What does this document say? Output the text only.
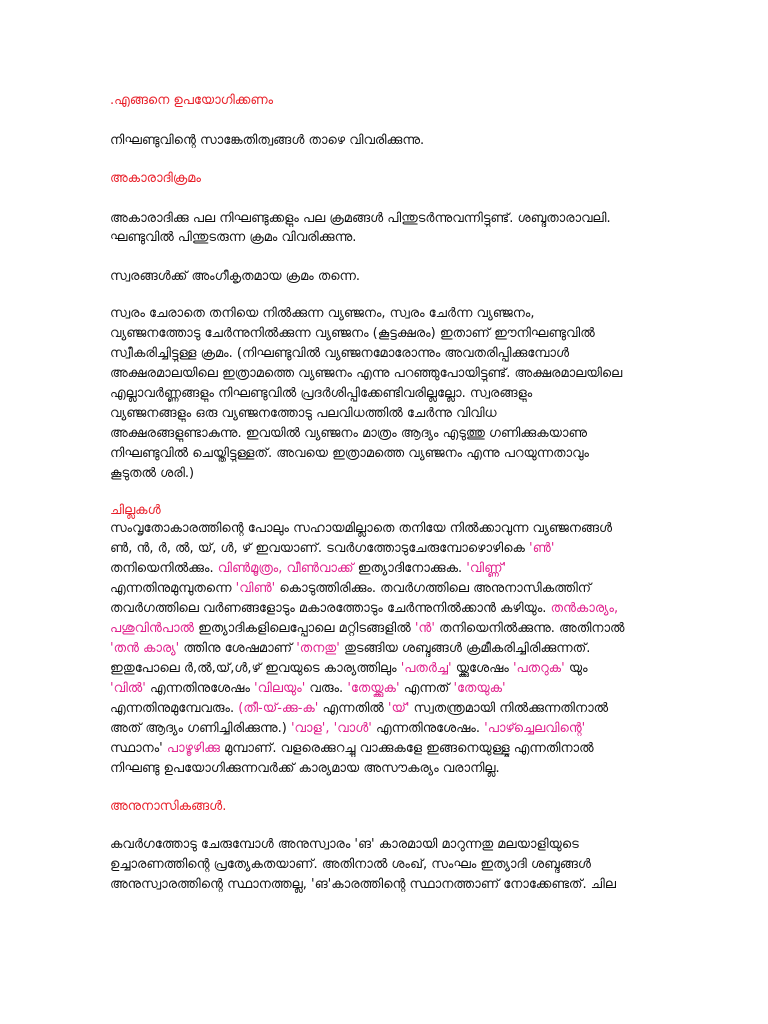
.എങ്ങനെ ഉപയോഗിക്കണം
നിഘണ്ടുവിന്റെ സാങ്കേതിത്വങ്ങൾ താഴെ വിവരിക്കുന്നു.
അകാരാദിക്രമം
അകാരാദിക്കു പല നിഘണ്ടുക്കളും പല ക്രമങ്ങൾ പിന്തുടർന്നുവന്നിട്ടുണ്ട്. ശബ്ദതാരാവലി.
ഘണ്ടുവിൽ പിന്തുടരുന്ന ക്രമം വിവരിക്കുന്നു.
സ്വരങ്ങൾക്ക് അംഗീകൃതമായ ക്രമം തന്നെ.
സ്വരം ചേരാതെ തനിയെ നിൽക്കുന്ന വ്യഞ്ജനം, സ്വരം ചേർന്ന വ്യഞ്ജനം,
വ്യഞ്ജനത്തോടു ചേർന്നുനിൽക്കുന്ന വ്യഞ്ജനം (കൂട്ടക്ഷരം) ഇതാണ് ഈനിഘണ്ടുവിൽ
സ്വീകരിച്ചിട്ടുള്ള ക്രമം. (നിഘണ്ടുവിൽ വ്യഞ്ജനമോരോന്നും അവതരിപ്പിക്കുമ്പോൾ
അക്ഷരമാലയിലെ ഇത്രാമത്തെ വ്യഞ്ജനം എന്നു പറഞ്ഞുപോയിട്ടുണ്ട്. അക്ഷരമാലയിലെ
എല്ലാവർണ്ണങ്ങളും നിഘണ്ടുവിൽ പ്രദർശിപ്പിക്കേണ്ടിവരില്ലല്ലോ. സ്വരങ്ങളും
വ്യഞ്ജനങ്ങളും ഒരു വ്യഞ്ജനത്തോടു പലവിധത്തിൽ ചേർന്നു വിവിധ
അക്ഷരങ്ങളുണ്ടാകുന്നു. ഇവയിൽ വ്യഞ്ജനം മാത്രം ആദ്യം എടുത്തു ഗണിക്കുകയാണു
നിഘണ്ടുവിൽ ചെയ്തിട്ടുള്ളത്. അവയെ ഇത്രാമത്തെ വ്യഞ്ജനം എന്നു പറയുന്നതാവും
കൂടുതൽ ശരി.)
ചില്ലുകൾ
സംവൃതോകാരത്തിന്റെ പോലും സഹായമില്ലാതെ തനിയേ നിൽക്കാവുന്ന വ്യഞ്ജനങ്ങൾ
ൺ, ൻ, ർ, ൽ, യ്, ൾ, ഴ് ഇവയാണ്. ടവർഗത്തോടുചേരുമ്പോഴൊഴികെ 'ൺ'
തനിയെനിൽക്കും. വിൺമൂത്രം, വീൺവാക്ക് ഇത്യാദിനോക്കുക. 'വിണ്ണ്'
എന്നതിനുമുമ്പുതന്നെ 'വിൺ' കൊടുത്തിരിക്കും. തവർഗത്തിലെ അനുനാസികത്തിന്
തവർഗത്തിലെ വർണങ്ങളോടും മകാരത്തോടും ചേർന്നുനിൽക്കാൻ കഴിയും. തൻകാര്യം,
പശുവിൻപാൽ ഇത്യാദികളിലെപ്പോലെ മറ്റിടങ്ങളിൽ 'ൻ' തനിയെനിൽക്കുന്നു. അതിനാൽ
'തൻ കാര്യ' ത്തിനു ശേഷമാണ് 'തനതു' തുടങ്ങിയ ശബ്ദങ്ങൾ ക്രമീകരിച്ചിരിക്കുന്നത്.
ഇതുപോലെ ർ,ൽ,യ്,ൾ,ഴ് ഇവയുടെ കാര്യത്തിലും 'പതർച്ച' യ്ക്കുശേഷം 'പതറുക' യും
'വിൽ' എന്നതിനുശേഷം 'വിലയും' വരും. 'തേയ്ക്കുക' എന്നത് 'തേയുക'
എന്നതിനുമുമ്പേവരും. (തീ-യ്-ക്കു-ക' എന്നതിൽ 'യ്' സ്വതന്ത്രമായി നിൽക്കുന്നതിനാൽ
അത് ആദ്യം ഗണിച്ചിരിക്കുന്നു.) 'വാള', 'വാൾ' എന്നതിനുശേഷം. 'പാഴ്ച്ചെലവിന്റെ'
സ്ഥാനം' പാഴൂഴിക്കു മുമ്പാണ്. വളരെക്കുറച്ചു വാക്കുകളേ ഇങ്ങനെയുള്ളൂ എന്നതിനാൽ
നിഘണ്ടു ഉപയോഗിക്കുന്നവർക്ക് കാര്യമായ അസൗകര്യം വരാനില്ല.
അനുനാസികങ്ങൾ.
കവർഗത്തോടു ചേരുമ്പോൾ അനുസ്വാരം 'ങ' കാരമായി മാറുന്നതു മലയാളിയുടെ
ഉച്ചാരണത്തിന്റെ പ്രത്യേകതയാണ്. അതിനാൽ ശംഖ്, സംഘം ഇത്യാദി ശബ്ദങ്ങൾ
അനുസ്വാരത്തിന്റെ സ്ഥാനത്തല്ല, 'ങ'കാരത്തിന്റെ സ്ഥാനത്താണ് നോക്കേണ്ടത്. ചില
